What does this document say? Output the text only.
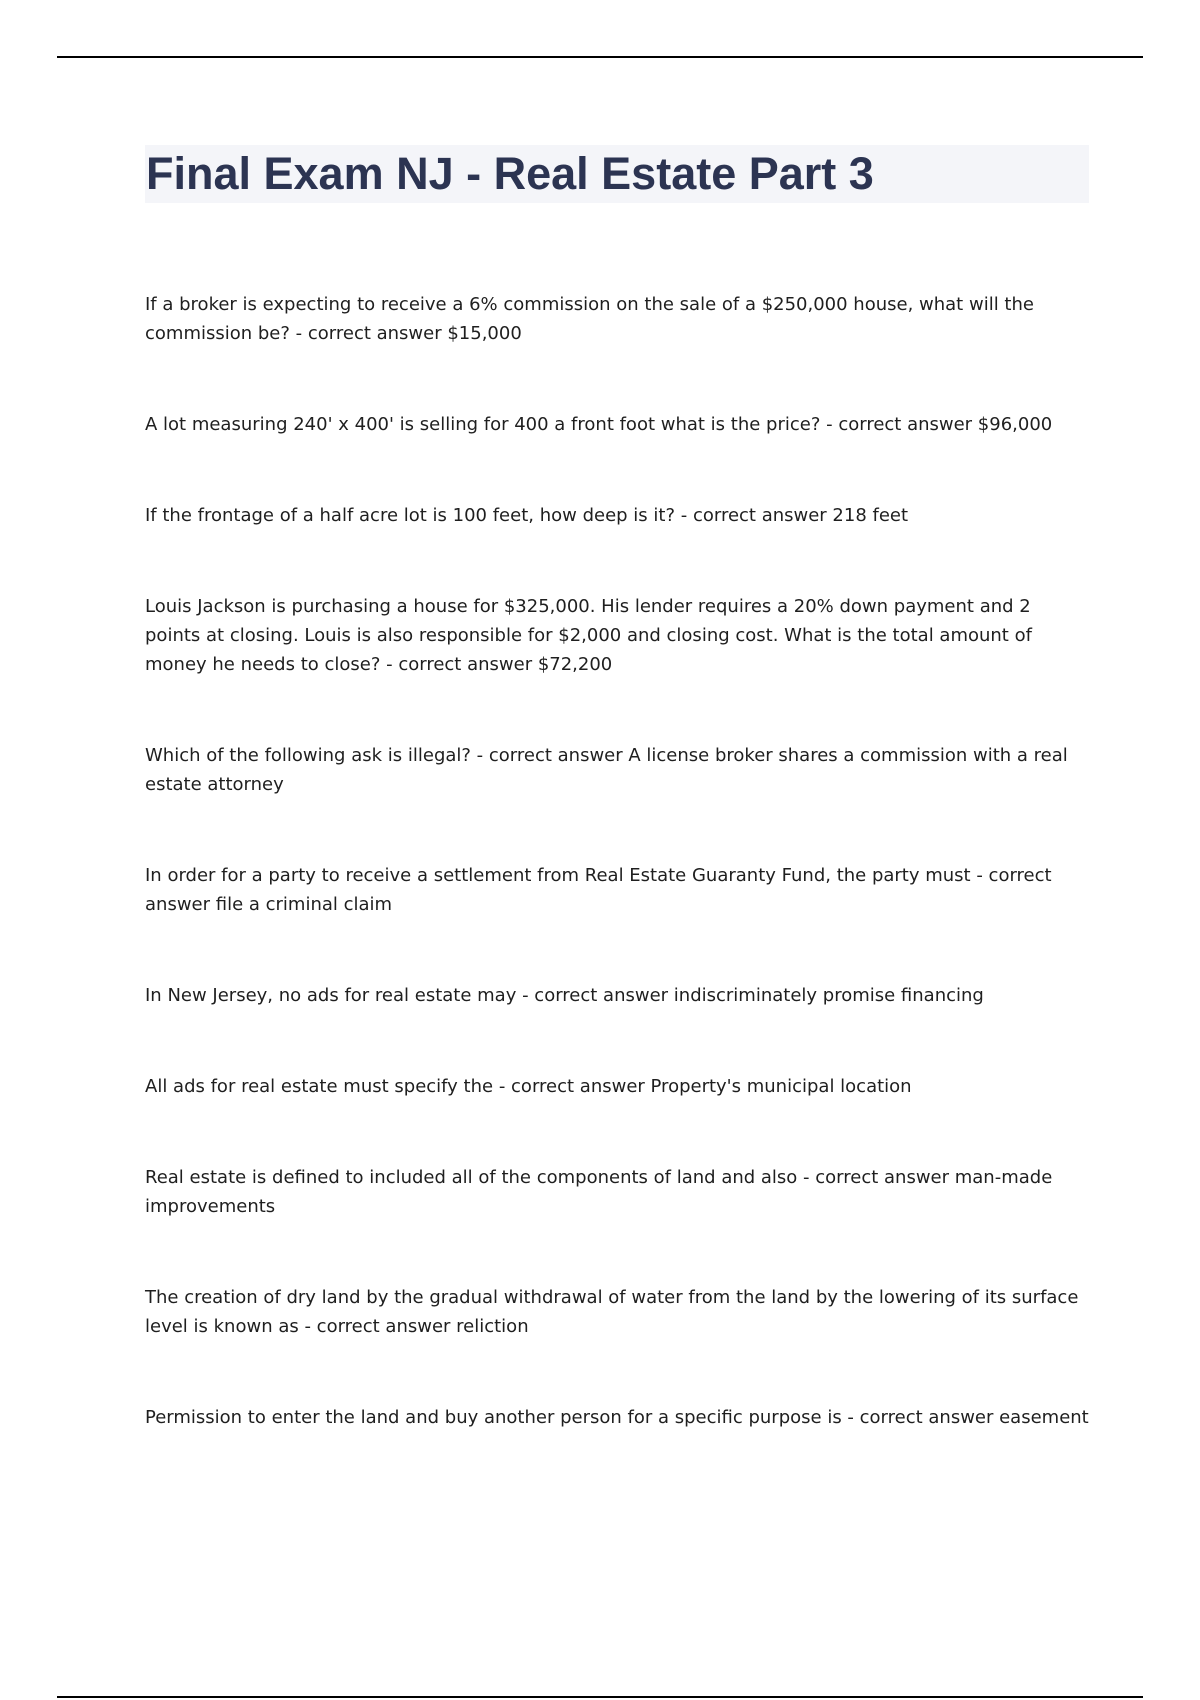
Final Exam NJ - Real Estate Part 3
If a broker is expecting to receive a 6% commission on the sale of a $250,000 house, what will the commission be? - correct answer $15,000
A lot measuring 240' x 400' is selling for 400 a front foot what is the price? - correct answer $96,000
If the frontage of a half acre lot is 100 feet, how deep is it? - correct answer 218 feet
Louis Jackson is purchasing a house for $325,000. His lender requires a 20% down payment and 2 points at closing. Louis is also responsible for $2,000 and closing cost. What is the total amount of money he needs to close? - correct answer $72,200
Which of the following ask is illegal? - correct answer A license broker shares a commission with a real estate attorney
In order for a party to receive a settlement from Real Estate Guaranty Fund, the party must - correct answer file a criminal claim
In New Jersey, no ads for real estate may - correct answer indiscriminately promise financing
All ads for real estate must specify the - correct answer Property's municipal location
Real estate is defined to included all of the components of land and also - correct answer man-made improvements
The creation of dry land by the gradual withdrawal of water from the land by the lowering of its surface level is known as - correct answer reliction
Permission to enter the land and buy another person for a specific purpose is - correct answer easement
